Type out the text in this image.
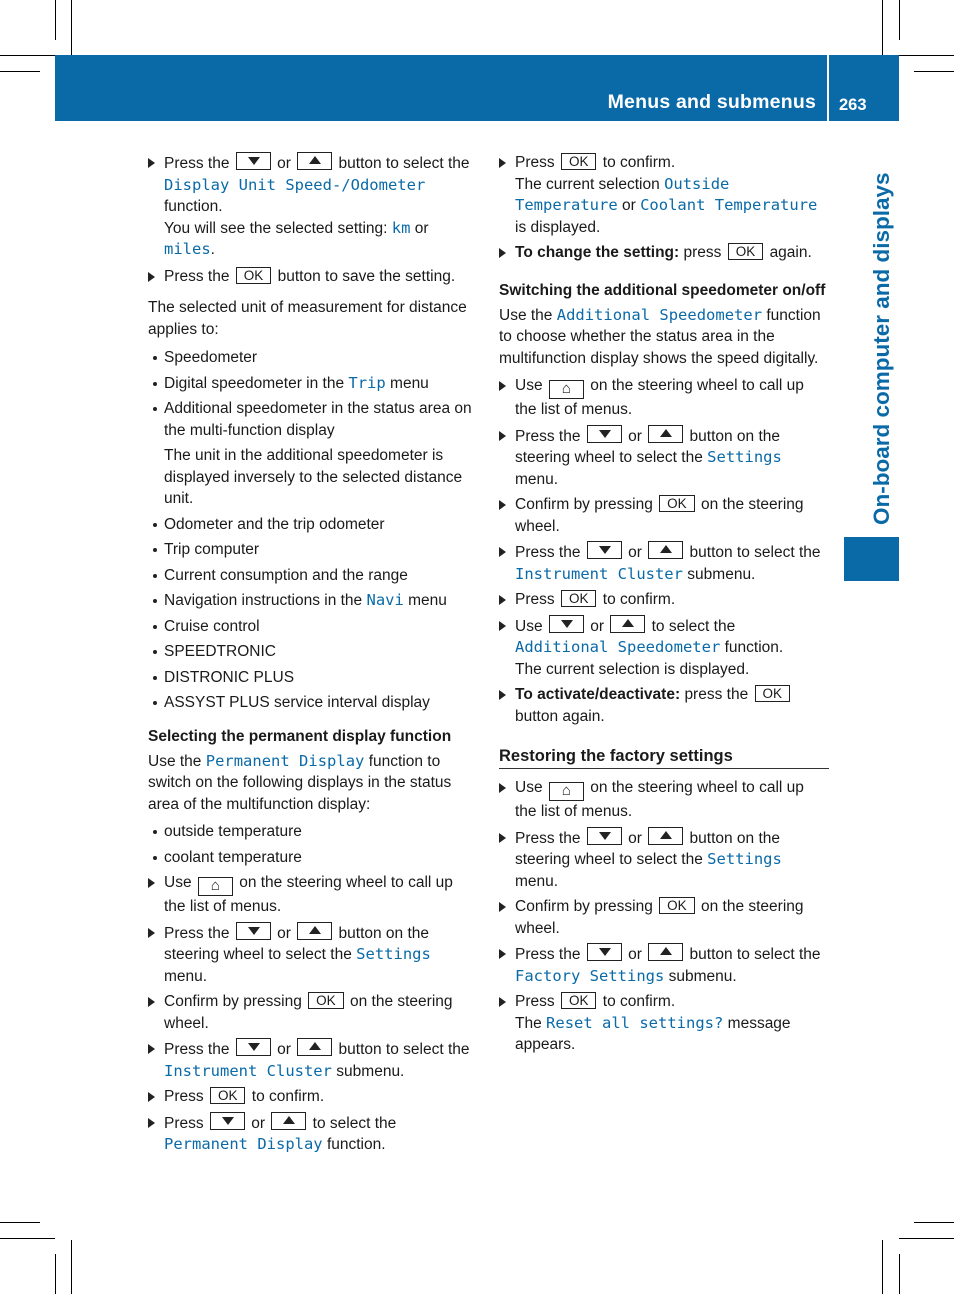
Menus and submenus 263
On-board computer and displays

Press the	or	button to select the
Display Unit Speed-/Odometer
function.
You will see the selected setting: km or
miles.

Press the OK button to save the setting.

The selected unit of measurement for distance applies to:

Speedometer

Digital speedometer in the Trip menu

Additional speedometer in the status area on the multi-function display

The unit in the additional speedometer is displayed inversely to the selected distance unit.

Odometer and the trip odometer

Trip computer

Current consumption and the range

Navigation instructions in the Navi menu

Cruise control

SPEEDTRONIC

DISTRONIC PLUS

ASSYST PLUS service interval display

Selecting the permanent display function

Use the Permanent Display function to switch on the following displays in the status area of the multifunction display:

outside temperature

coolant temperature

Use ⌂ on the steering wheel to call up the list of menus.

Press the	or	button on the steering wheel to select the Settings
menu.

Confirm by pressing OK on the steering wheel.

Press the	or	button to select the
Instrument Cluster submenu.

Press OK to confirm.

Press	or	to select the
Permanent Display function.

Press OK to confirm.
The current selection Outside Temperature or Coolant Temperature is displayed.

To change the setting: press OK again.

Switching the additional speedometer on/off

Use the Additional Speedometer function to choose whether the status area in the multifunction display shows the speed digitally.

Use ⌂ on the steering wheel to call up the list of menus.

Press the	or	button on the steering wheel to select the Settings
menu.

Confirm by pressing OK on the steering wheel.

Press the	or	button to select the
Instrument Cluster submenu.

Press OK to confirm.

Use	or	to select the
Additional Speedometer function.
The current selection is displayed.

To activate/deactivate: press the OK
button again.

Restoring the factory settings

Use ⌂ on the steering wheel to call up the list of menus.

Press the	or	button on the steering wheel to select the Settings
menu.

Confirm by pressing OK on the steering wheel.

Press the	or	button to select the
Factory Settings submenu.

Press OK to confirm.
The Reset all settings? message appears.
